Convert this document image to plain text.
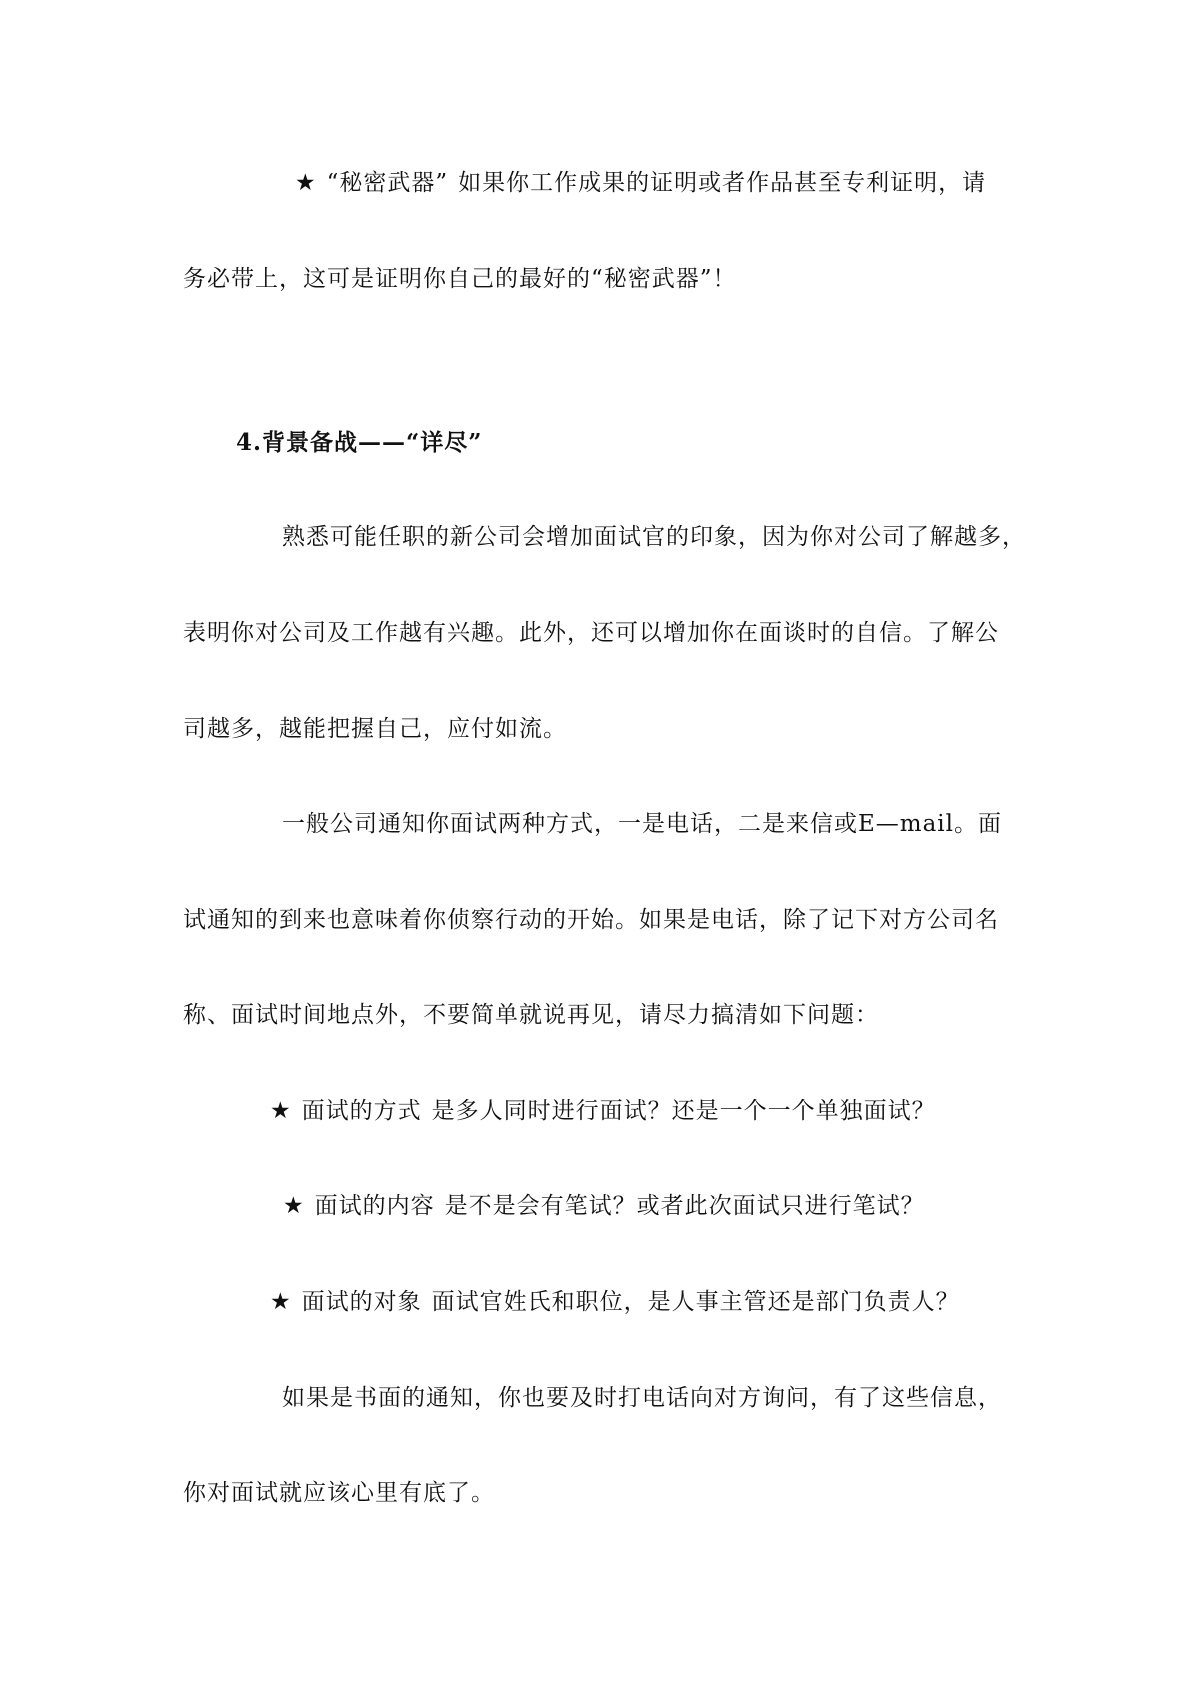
★ “秘密武器” 如果你工作成果的证明或者作品甚至专利证明，请
务必带上，这可是证明你自己的最好的“秘密武器”！
4.背景备战——“详尽”
熟悉可能任职的新公司会增加面试官的印象，因为你对公司了解越多，
表明你对公司及工作越有兴趣。此外，还可以增加你在面谈时的自信。了解公
司越多，越能把握自己，应付如流。
一般公司通知你面试两种方式，一是电话，二是来信或E—mail。面
试通知的到来也意味着你侦察行动的开始。如果是电话，除了记下对方公司名
称、面试时间地点外，不要简单就说再见，请尽力搞清如下问题：
★ 面试的方式 是多人同时进行面试？还是一个一个单独面试？
★ 面试的内容 是不是会有笔试？或者此次面试只进行笔试？
★ 面试的对象 面试官姓氏和职位，是人事主管还是部门负责人？
如果是书面的通知，你也要及时打电话向对方询问，有了这些信息，
你对面试就应该心里有底了。
